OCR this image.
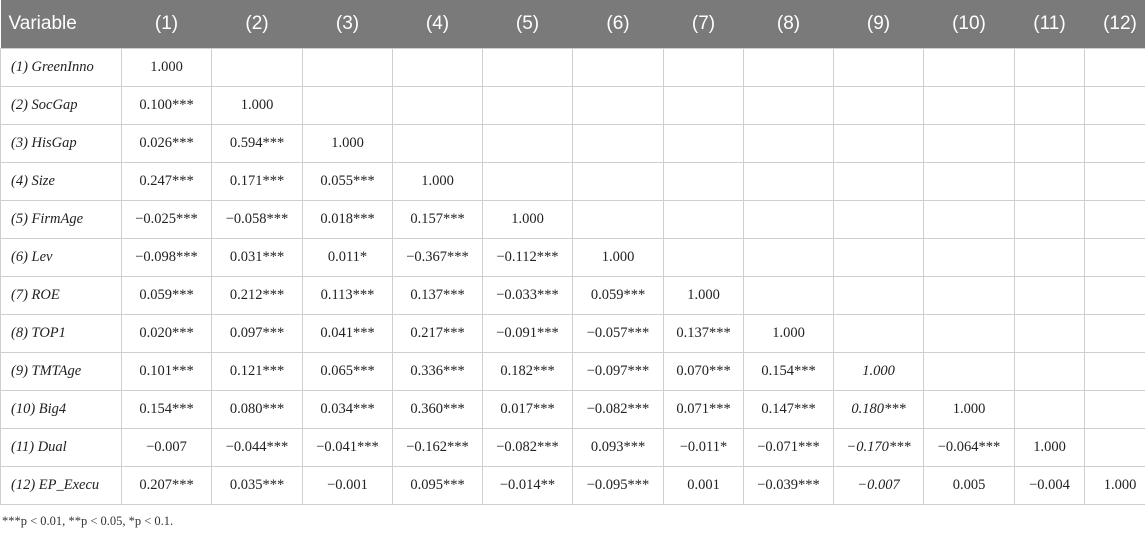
Variable	(1)	(2)	(3)	(4)	(5)	(6)	(7)	(8)	(9)	(10)	(11)	(12)
(1) GreenInno	1.000											
(2) SocGap	0.100***	1.000										
(3) HisGap	0.026***	0.594***	1.000									
(4) Size	0.247***	0.171***	0.055***	1.000								
(5) FirmAge	−0.025***	−0.058***	0.018***	0.157***	1.000							
(6) Lev	−0.098***	0.031***	0.011*	−0.367***	−0.112***	1.000						
(7) ROE	0.059***	0.212***	0.113***	0.137***	−0.033***	0.059***	1.000					
(8) TOP1	0.020***	0.097***	0.041***	0.217***	−0.091***	−0.057***	0.137***	1.000				
(9) TMTAge	0.101***	0.121***	0.065***	0.336***	0.182***	−0.097***	0.070***	0.154***	1.000			
(10) Big4	0.154***	0.080***	0.034***	0.360***	0.017***	−0.082***	0.071***	0.147***	0.180***	1.000		
(11) Dual	−0.007	−0.044***	−0.041***	−0.162***	−0.082***	0.093***	−0.011*	−0.071***	−0.170***	−0.064***	1.000	
(12) EP_Execu	0.207***	0.035***	−0.001	0.095***	−0.014**	−0.095***	0.001	−0.039***	−0.007	0.005	−0.004	1.000
***p < 0.01, **p < 0.05, *p < 0.1.
